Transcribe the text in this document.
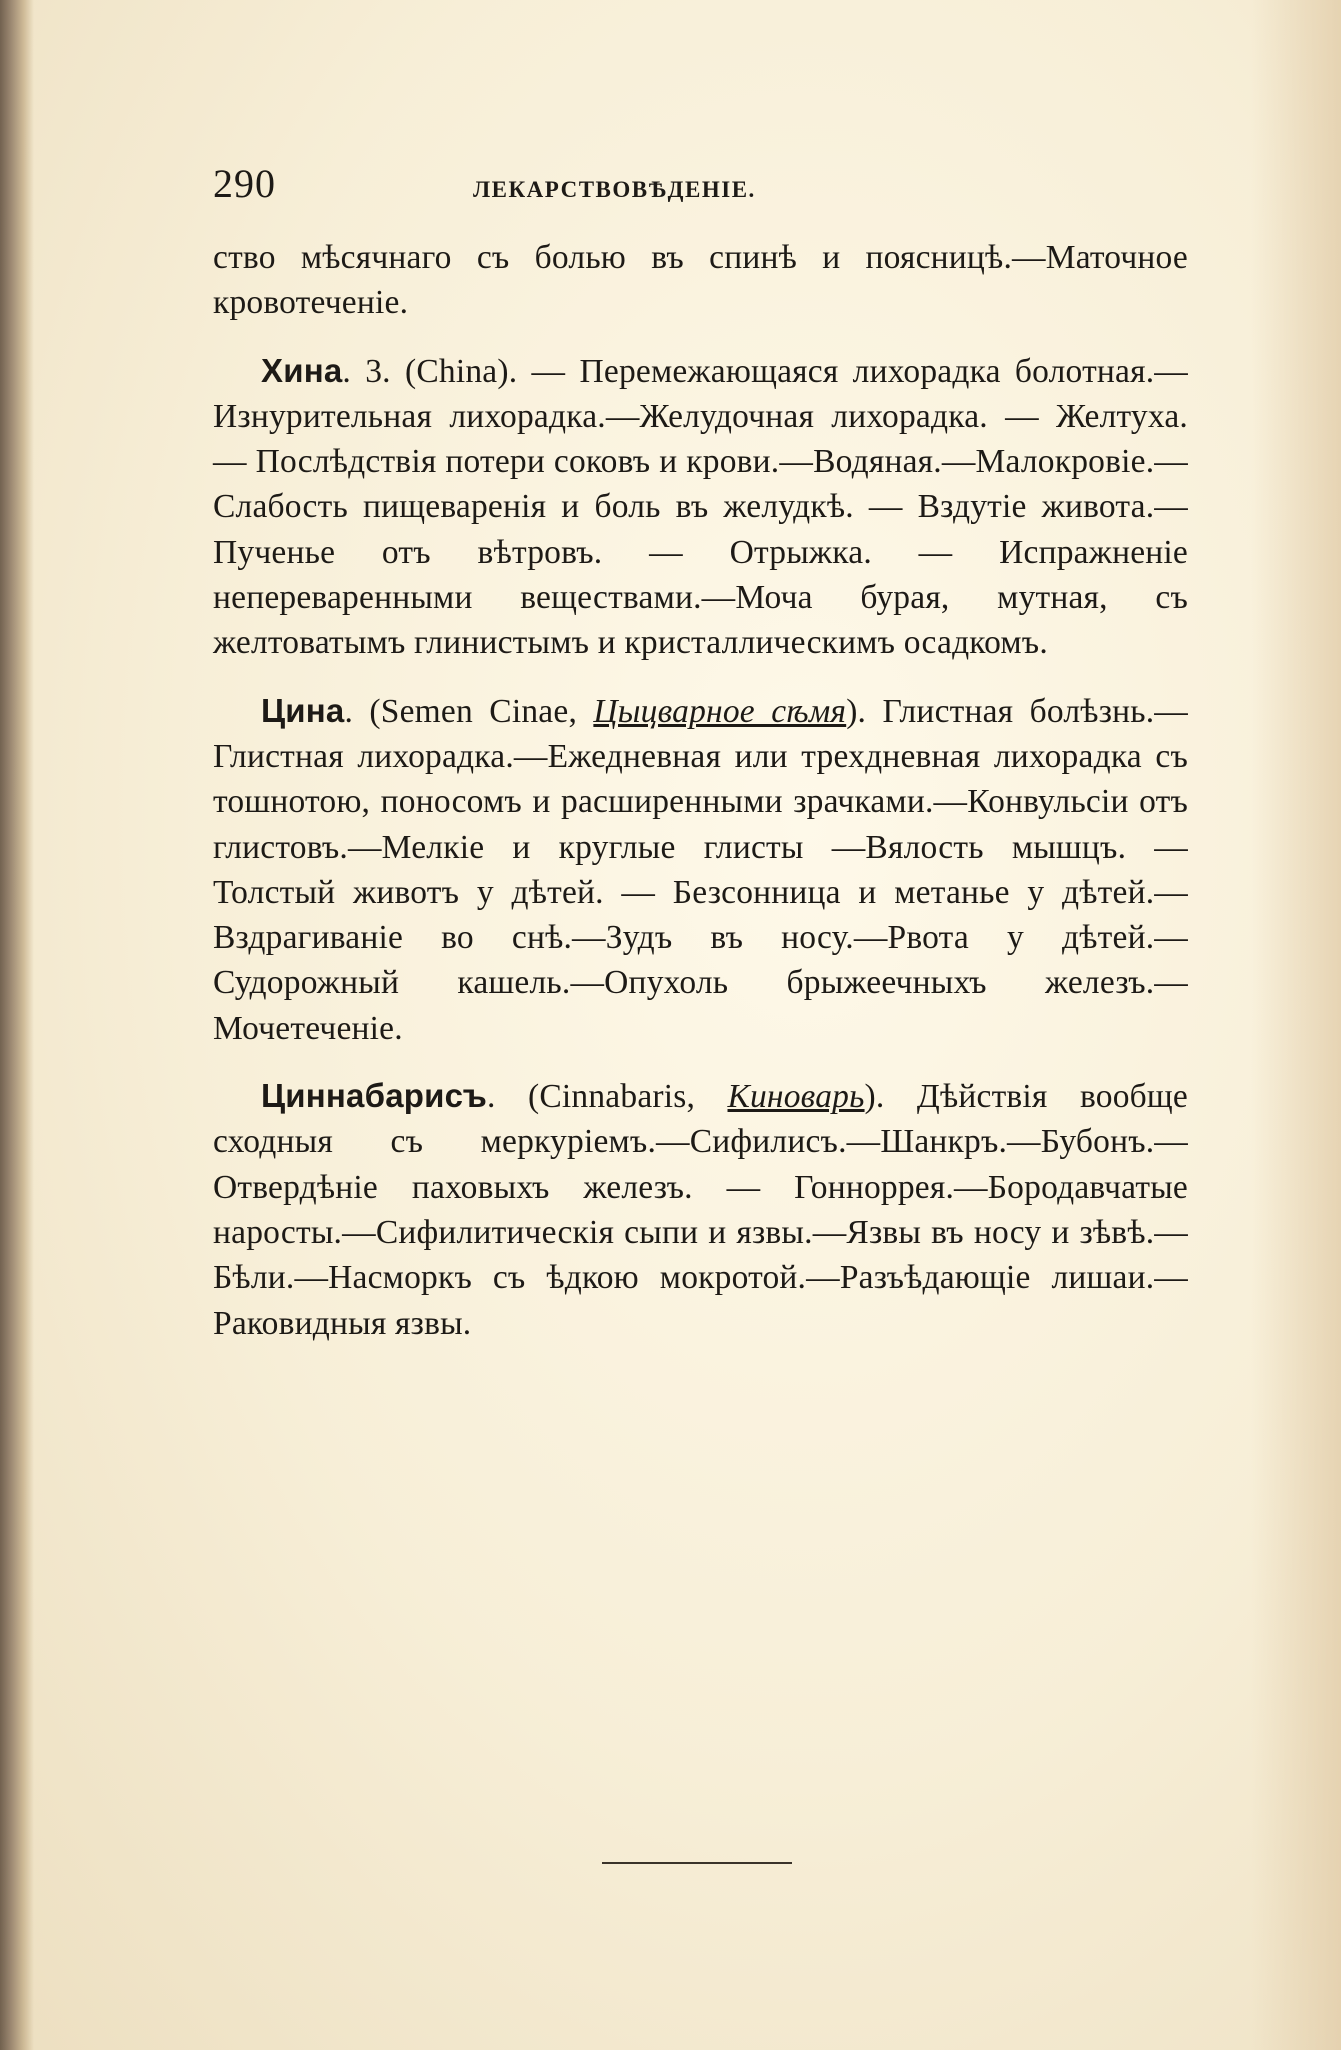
290	ЛЕКАРСТВОВѢДЕНIЕ.

ство мѣсячнаго съ болью въ спинѣ и поясницѣ.—Маточное кровотеченiе.

Хина. 3. (China). — Перемежающаяся лихорадка болотная.—Изнурительная лихорадка.—Желудочная лихорадка. — Желтуха. — Послѣдствiя потери соковъ и крови.—Водяная.—Малокровiе.—Слабость пищеваренiя и боль въ желудкѣ. — Вздутiе живота.—Пученье отъ вѣтровъ. — Отрыжка. — Испражненiе непереваренными веществами.—Моча бурая, мутная, съ желтоватымъ глинистымъ и кристаллическимъ осадкомъ.

Цина. (Semen Cinae, Цыцварное сѣмя). Глистная болѣзнь.—Глистная лихорадка.—Ежедневная или трехдневная лихорадка съ тошнотою, поносомъ и расширенными зрачками.—Конвульсiи отъ глистовъ.—Мелкiе и круглые глисты —Вялость мышцъ. —Толстый животъ у дѣтей. — Безсонница и метанье у дѣтей.—Вздрагиванiе во снѣ.—Зудъ въ носу.—Рвота у дѣтей.—Судорожный кашель.—Опухоль брыжеечныхъ железъ.—Мочетеченiе.

Циннабарисъ. (Cinnabaris, Киноварь). Дѣйствiя вообще сходныя съ меркурiемъ.—Сифилисъ.—Шанкръ.—Бубонъ.—Отвердѣнiе паховыхъ железъ. — Гонноррея.—Бородавчатые наросты.—Сифилитическiя сыпи и язвы.—Язвы въ носу и зѣвѣ.—Бѣли.—Насморкъ съ ѣдкою мокротой.—Разъѣдающiе лишаи.—Раковидныя язвы.
